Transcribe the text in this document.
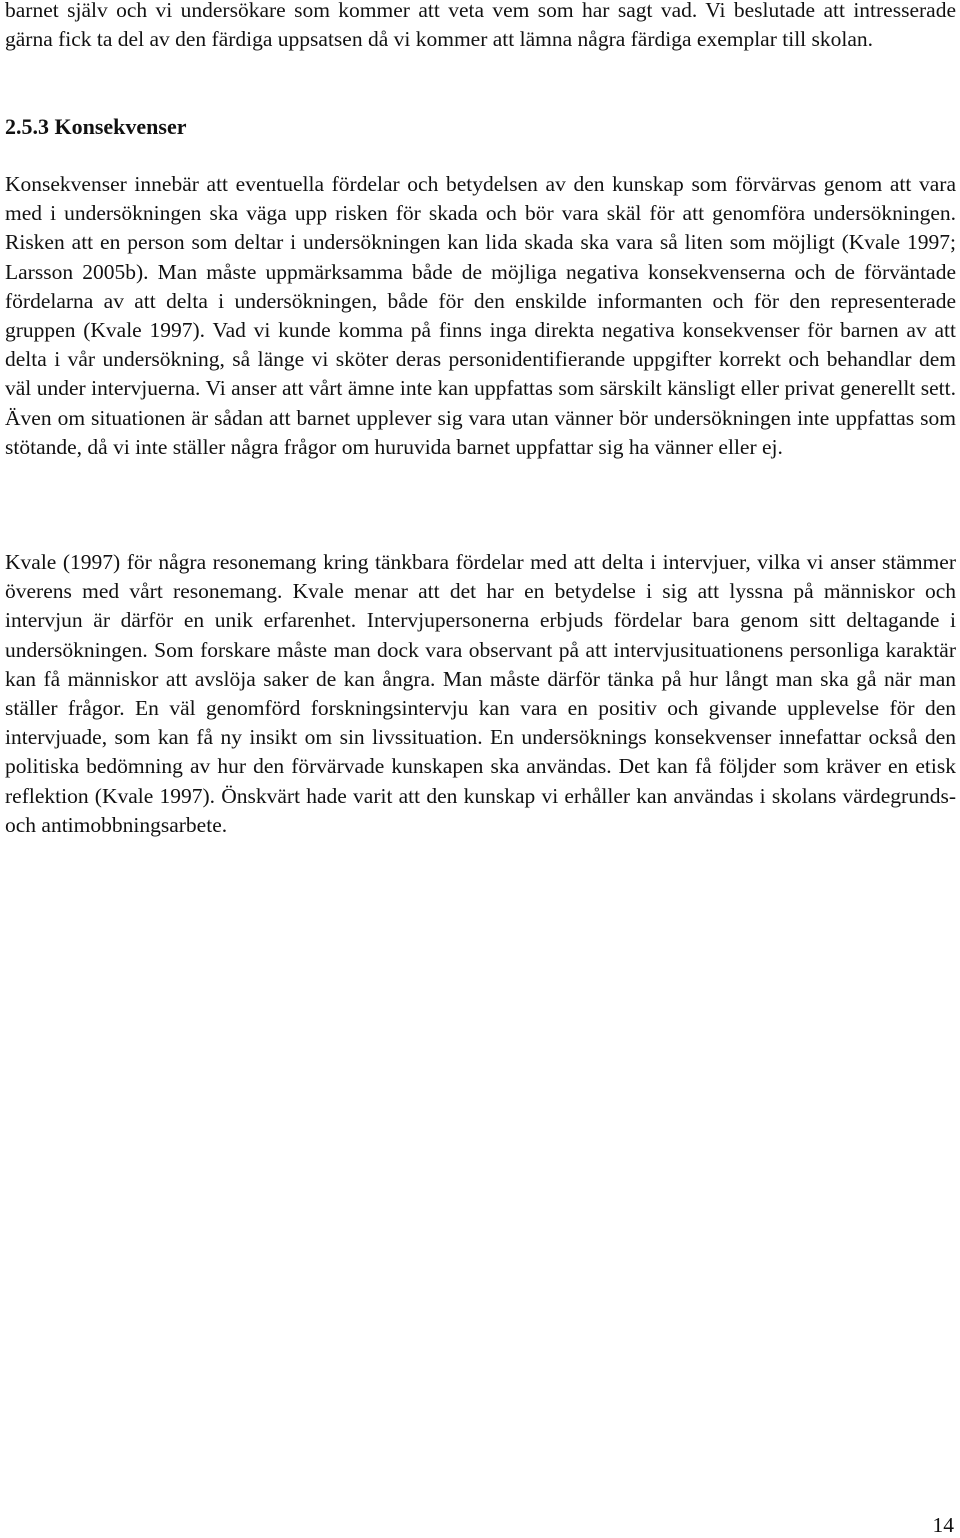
barnet själv och vi undersökare som kommer att veta vem som har sagt vad. Vi beslutade att intresserade gärna fick ta del av den färdiga uppsatsen då vi kommer att lämna några färdiga exemplar till skolan.

2.5.3 Konsekvenser

Konsekvenser innebär att eventuella fördelar och betydelsen av den kunskap som förvärvas genom att vara med i undersökningen ska väga upp risken för skada och bör vara skäl för att genomföra undersökningen. Risken att en person som deltar i undersökningen kan lida skada ska vara så liten som möjligt (Kvale 1997; Larsson 2005b). Man måste uppmärksamma både de möjliga negativa konsekvenserna och de förväntade fördelarna av att delta i undersökningen, både för den enskilde informanten och för den representerade gruppen (Kvale 1997). Vad vi kunde komma på finns inga direkta negativa konsekvenser för barnen av att delta i vår undersökning, så länge vi sköter deras personidentifierande uppgifter korrekt och behandlar dem väl under intervjuerna. Vi anser att vårt ämne inte kan uppfattas som särskilt känsligt eller privat generellt sett. Även om situationen är sådan att barnet upplever sig vara utan vänner bör undersökningen inte uppfattas som stötande, då vi inte ställer några frågor om huruvida barnet uppfattar sig ha vänner eller ej.

Kvale (1997) för några resonemang kring tänkbara fördelar med att delta i intervjuer, vilka vi anser stämmer överens med vårt resonemang. Kvale menar att det har en betydelse i sig att lyssna på människor och intervjun är därför en unik erfarenhet. Intervjupersonerna erbjuds fördelar bara genom sitt deltagande i undersökningen. Som forskare måste man dock vara observant på att intervjusituationens personliga karaktär kan få människor att avslöja saker de kan ångra. Man måste därför tänka på hur långt man ska gå när man ställer frågor. En väl genomförd forskningsintervju kan vara en positiv och givande upplevelse för den intervjuade, som kan få ny insikt om sin livssituation. En undersöknings konsekvenser innefattar också den politiska bedömning av hur den förvärvade kunskapen ska användas. Det kan få följder som kräver en etisk reflektion (Kvale 1997). Önskvärt hade varit att den kunskap vi erhåller kan användas i skolans värdegrunds- och antimobbningsarbete.

14
